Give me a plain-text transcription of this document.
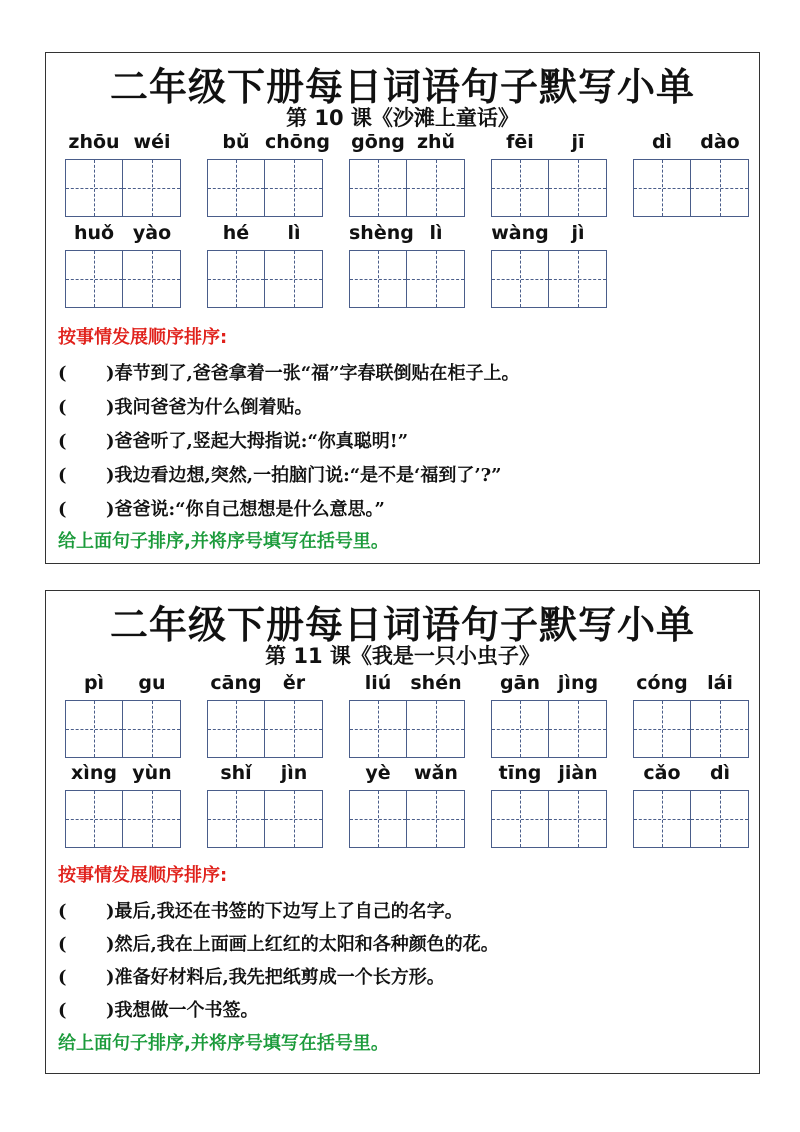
二年级下册每日词语句子默写小单
第 10 课《沙滩上童话》
zhōu wéi	bǔ chōng gōng zhǔ	fēi	jī	dì	dào
huǒ yào	hé	lì	shèng lì	wàng	jì
按事情发展顺序排序:
( )春节到了,爸爸拿着一张“福”字春联倒贴在柜子上。
( )我问爸爸为什么倒着贴。
( )爸爸听了,竖起大拇指说:“你真聪明!”
( )我边看边想,突然,一拍脑门说:“是不是‘福到了’?”
( )爸爸说:“你自己想想是什么意思。”
给上面句子排序,并将序号填写在括号里。
二年级下册每日词语句子默写小单
第 11 课《我是一只小虫子》
pì	gu	cāng	ěr	liú	shén	gān jìng	cóng	lái
xìng yùn	shǐ	jìn	yè	wǎn	tīng jiàn	cǎo	dì
按事情发展顺序排序:
( )最后,我还在书签的下边写上了自己的名字。
( )然后,我在上面画上红红的太阳和各种颜色的花。
( )准备好材料后,我先把纸剪成一个长方形。
( )我想做一个书签。
给上面句子排序,并将序号填写在括号里。
